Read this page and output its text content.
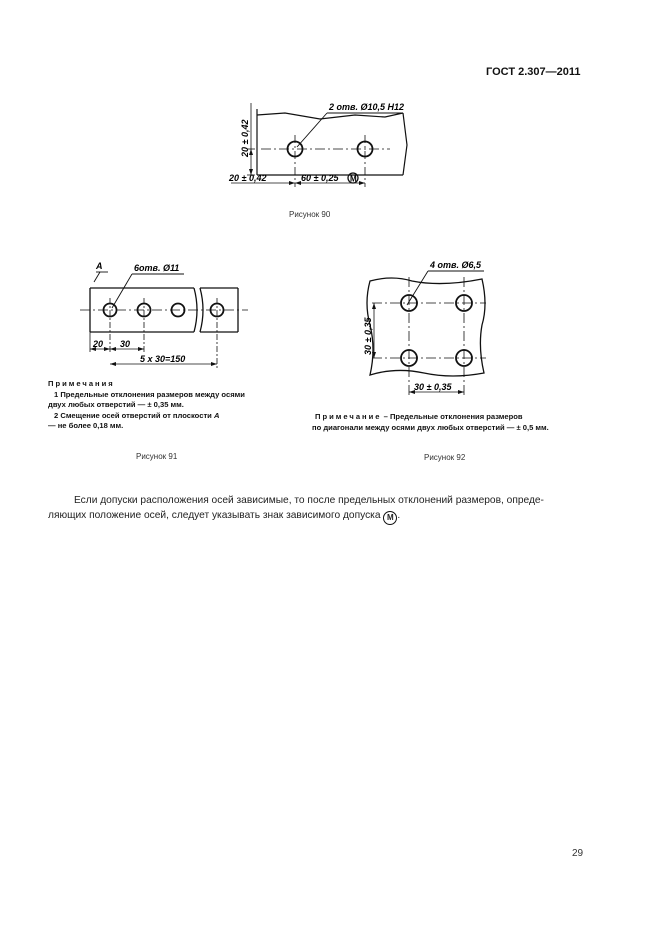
ГОСТ 2.307—2011
20 ± 0,42
2 отв. Ø10,5 H12
20 ± 0,42	60 ± 0,25 M
Рисунок 90
А	6отв. Ø11
20 30
5 x 30=150
Примечания
1 Предельные отклонения размеров между осями
двух любых отверстий — ± 0,35 мм.
2 Смещение осей отверстий от плоскости А
— не более 0,18 мм.
Рисунок 91
4 отв. Ø6,5
30 ± 0,35
30 ± 0,35
Примечание – Предельные отклонения размеров
по диагонали между осями двух любых отверстий — ± 0,5 мм.
Рисунок 92
Если допуски расположения осей зависимые, то после предельных отклонений размеров, опреде-
ляющих положение осей, следует указывать знак зависимого допуска M .
29
